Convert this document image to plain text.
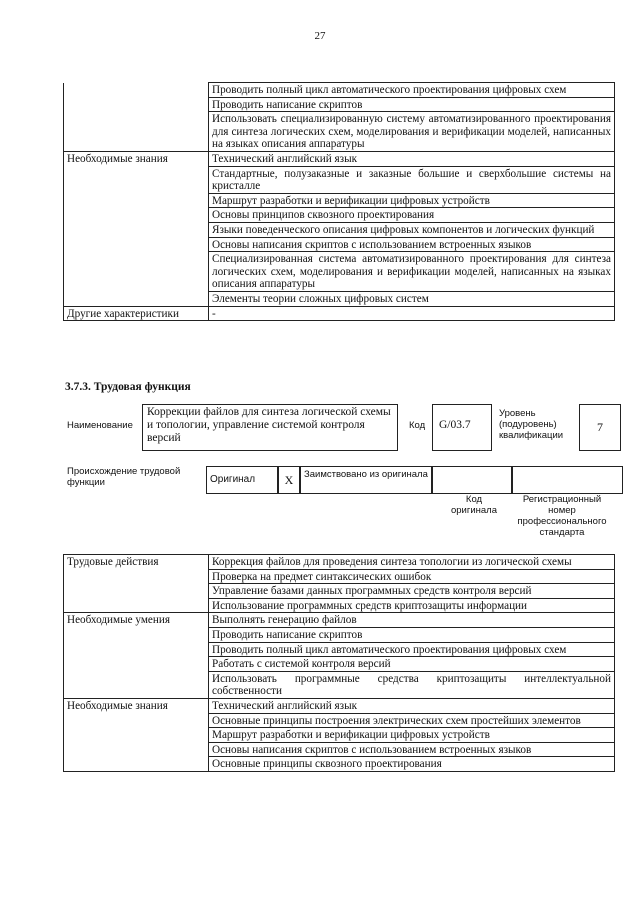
27
	Проводить полный цикл автоматического проектирования цифровых схем
	Проводить написание скриптов
	Использовать специализированную систему автоматизированного проектирования для синтеза логических схем, моделирования и верификации моделей, написанных на языках описания аппаратуры
Необходимые знания	Технический английский язык
	Стандартные, полузаказные и заказные большие и сверхбольшие системы на кристалле
	Маршрут разработки и верификации цифровых устройств
	Основы принципов сквозного проектирования
	Языки поведенческого описания цифровых компонентов и логических функций
	Основы написания скриптов с использованием встроенных языков
	Специализированная система автоматизированного проектирования для синтеза логических схем, моделирования и верификации моделей, написанных на языках описания аппаратуры
	Элементы теории сложных цифровых систем
Другие характеристики	-
3.7.3. Трудовая функция
Наименование
Коррекции файлов для синтеза логической схемы и топологии, управление системой контроля версий
Код	G/03.7
Уровень (подуровень) квалификации
7
Происхождение трудовой функции	Оригинал	X	Заимствовано из оригинала
Код оригинала
Регистрационный номер профессионального стандарта
Трудовые действия	Коррекция файлов для проведения синтеза топологии из логической схемы
	Проверка на предмет синтаксических ошибок
	Управление базами данных программных средств контроля версий
	Использование программных средств криптозащиты информации
Необходимые умения	Выполнять генерацию файлов
	Проводить написание скриптов
	Проводить полный цикл автоматического проектирования цифровых схем
	Работать с системой контроля версий
	Использовать программные средства криптозащиты интеллектуальной собственности
Необходимые знания	Технический английский язык
	Основные принципы построения электрических схем простейших элементов
	Маршрут разработки и верификации цифровых устройств
	Основы написания скриптов с использованием встроенных языков
	Основные принципы сквозного проектирования
